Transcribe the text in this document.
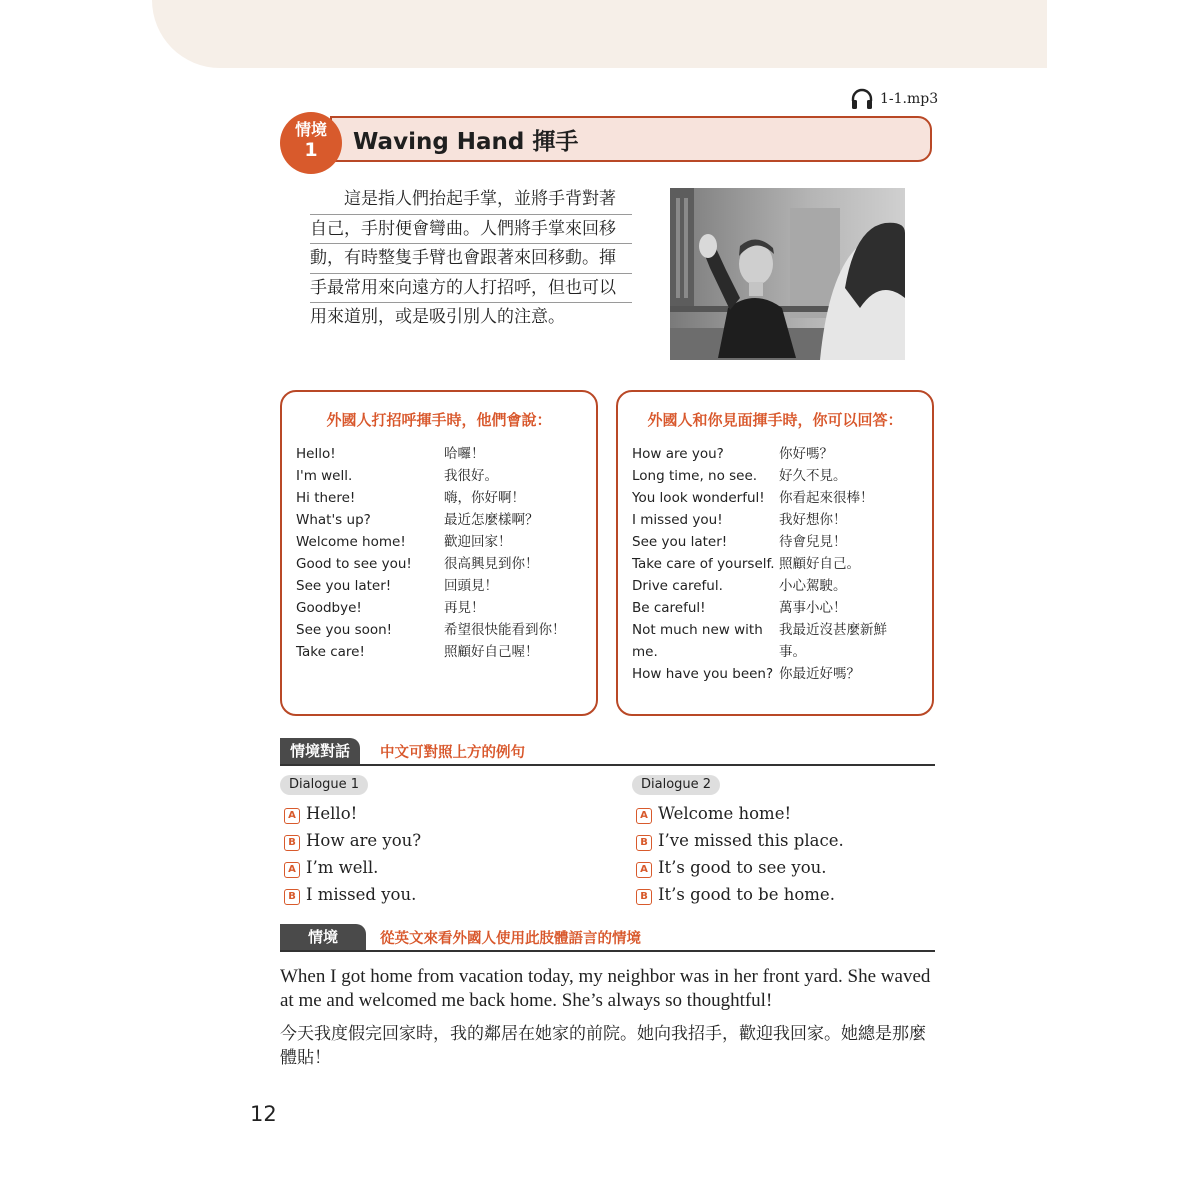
1-1.mp3
Waving Hand 揮手
情境
1
這是指人們抬起手掌，並將手背對著
自己，手肘便會彎曲。人們將手掌來回移
動，有時整隻手臂也會跟著來回移動。揮
手最常用來向遠方的人打招呼，但也可以
用來道別，或是吸引別人的注意。
外國人打招呼揮手時，他們會說：
Hello!	哈囉！
I'm well.	我很好。
Hi there!	嗨，你好啊！
What's up?	最近怎麼樣啊？
Welcome home!	歡迎回家！
Good to see you! 很高興見到你！
See you later!	回頭見！
Goodbye!	再見！
See you soon!	希望很快能看到你！
Take care!	照顧好自己喔！
外國人和你見面揮手時，你可以回答：
How are you?	你好嗎？
Long time, no see. 好久不見。
You look wonderful! 你看起來很棒！
I missed you!	我好想你！
See you later!	待會兒見！
Take care of yourself. 照顧好自己。
Drive careful.	小心駕駛。
Be careful!	萬事小心！
Not much new with me.我最近沒甚麼新鮮事。
How have you been? 你最近好嗎？
情境對話	中文可對照上方的例句
Dialogue 1
A Hello!
B How are you?
A I’m well.
B I missed you.
Dialogue 2
A Welcome home!
B I’ve missed this place.
A It’s good to see you.
B It’s good to be home.
情境	從英文來看外國人使用此肢體語言的情境
When I got home from vacation today, my neighbor was in her front yard. She waved at me and welcomed me back home. She’s always so thoughtful!
今天我度假完回家時，我的鄰居在她家的前院。她向我招手，歡迎我回家。她總是那麼體貼！
12
